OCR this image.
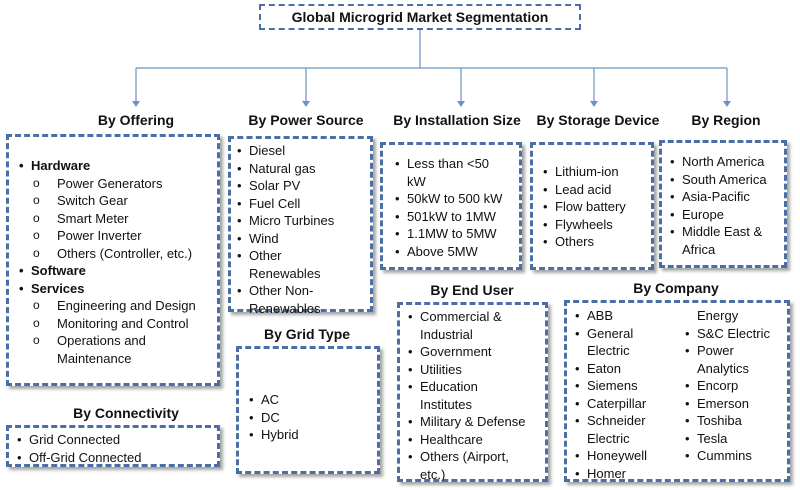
Global Microgrid Market Segmentation
By Offering
• Hardware
o Power Generators
o Switch Gear
o Smart Meter
o Power Inverter
o Others (Controller, etc.)
• Software
• Services
o Engineering and Design
o Monitoring and Control
o Operations and Maintenance
By Power Source
• Diesel
• Natural gas
• Solar PV
• Fuel Cell
• Micro Turbines
• Wind
• Other Renewables
• Other Non-Renewables
By Installation Size
• Less than <50 kW
• 50kW to 500 kW
• 501kW to 1MW
• 1.1MW to 5MW
• Above 5MW
By Storage Device
• Lithium-ion
• Lead acid
• Flow battery
• Flywheels
• Others
By Region
• North America
• South America
• Asia-Pacific
• Europe
• Middle East & Africa
By Grid Type
• AC
• DC
• Hybrid
By End User
• Commercial & Industrial
• Government
• Utilities
• Education Institutes
• Military & Defense
• Healthcare
• Others (Airport, etc.)
By Company
• ABB
• General Electric
• Eaton
• Siemens
• Caterpillar
• Schneider Electric
• Honeywell
• Homer
Energy
• S&C Electric
• Power Analytics
• Encorp
• Emerson
• Toshiba
• Tesla
• Cummins
By Connectivity
• Grid Connected
• Off-Grid Connected
